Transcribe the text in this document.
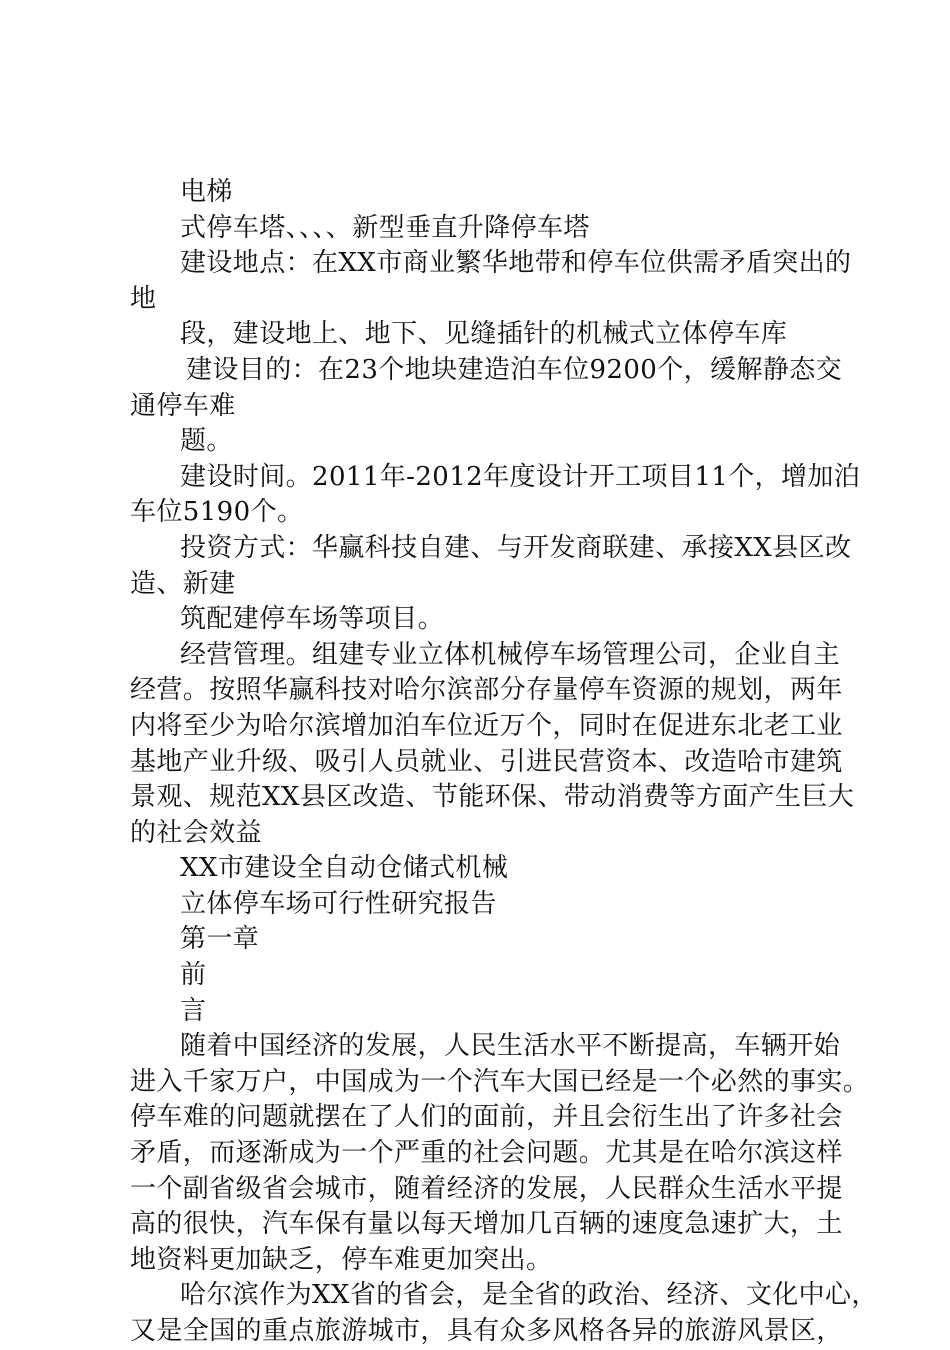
电梯
式停车塔、、、、新型垂直升降停车塔
建设地点：在XX市商业繁华地带和停车位供需矛盾突出的
地
段，建设地上、地下、见缝插针的机械式立体停车库
建设目的：在23个地块建造泊车位9200个，缓解静态交
通停车难
题。
建设时间。2011年-2012年度设计开工项目11个，增加泊
车位5190个。
投资方式：华赢科技自建、与开发商联建、承接XX县区改
造、新建
筑配建停车场等项目。
经营管理。组建专业立体机械停车场管理公司，企业自主
经营。按照华赢科技对哈尔滨部分存量停车资源的规划，两年
内将至少为哈尔滨增加泊车位近万个，同时在促进东北老工业
基地产业升级、吸引人员就业、引进民营资本、改造哈市建筑
景观、规范XX县区改造、节能环保、带动消费等方面产生巨大
的社会效益
XX市建设全自动仓储式机械
立体停车场可行性研究报告
第一章
前
言
随着中国经济的发展，人民生活水平不断提高，车辆开始
进入千家万户，中国成为一个汽车大国已经是一个必然的事实。
停车难的问题就摆在了人们的面前，并且会衍生出了许多社会
矛盾，而逐渐成为一个严重的社会问题。尤其是在哈尔滨这样
一个副省级省会城市，随着经济的发展，人民群众生活水平提
高的很快，汽车保有量以每天增加几百辆的速度急速扩大，土
地资料更加缺乏，停车难更加突出。
哈尔滨作为XX省的省会，是全省的政治、经济、文化中心，
又是全国的重点旅游城市，具有众多风格各异的旅游风景区，
